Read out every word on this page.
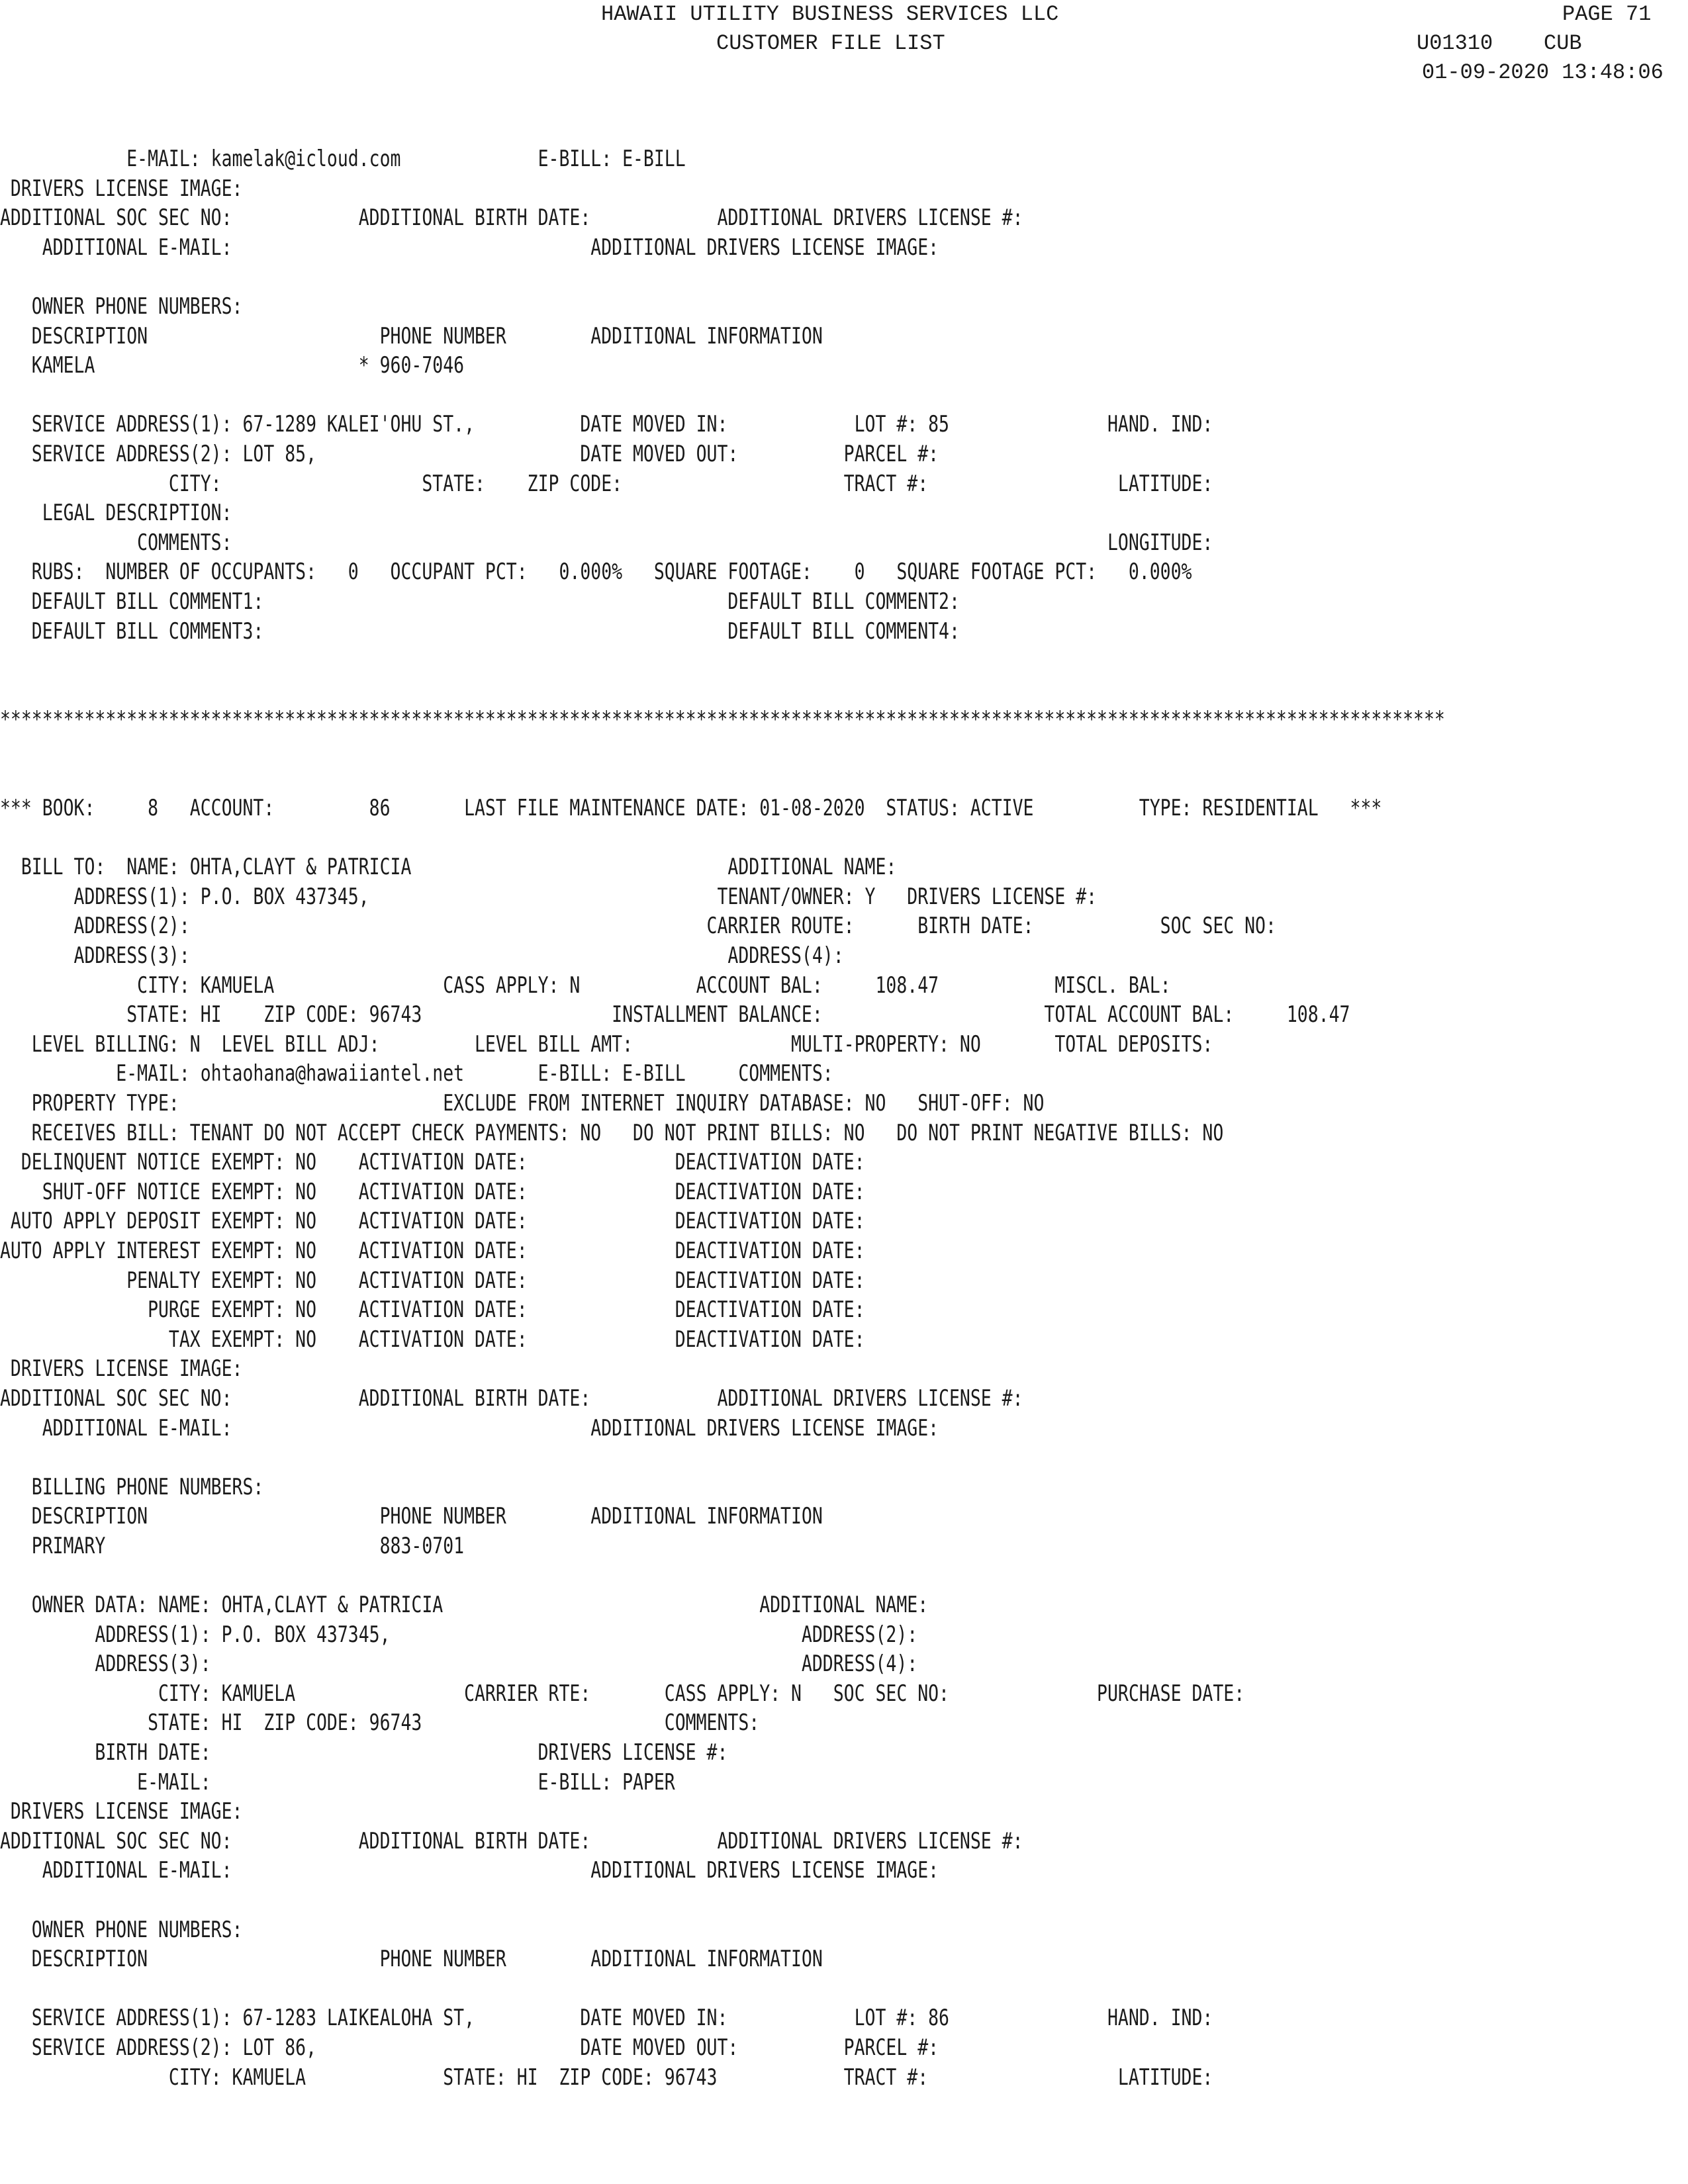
HAWAII UTILITY BUSINESS SERVICES LLC
CUSTOMER FILE LIST
PAGE 71
U01310 CUB
01-09-2020 13:48:06
E-MAIL: kamelak@icloud.com             E-BILL: E-BILL
DRIVERS LICENSE IMAGE:
ADDITIONAL SOC SEC NO:            ADDITIONAL BIRTH DATE:            ADDITIONAL DRIVERS LICENSE #:
ADDITIONAL E-MAIL:                                  ADDITIONAL DRIVERS LICENSE IMAGE:
OWNER PHONE NUMBERS:
DESCRIPTION                      PHONE NUMBER        ADDITIONAL INFORMATION
KAMELA                         * 960-7046
SERVICE ADDRESS(1): 67-1289 KALEI'OHU ST.,          DATE MOVED IN:            LOT #: 85               HAND. IND:
SERVICE ADDRESS(2): LOT 85,                         DATE MOVED OUT:          PARCEL #:
CITY:                   STATE:    ZIP CODE:                     TRACT #:                  LATITUDE:
LEGAL DESCRIPTION:
COMMENTS:                                                                                   LONGITUDE:
RUBS:  NUMBER OF OCCUPANTS:   0   OCCUPANT PCT:   0.000%   SQUARE FOOTAGE:    0   SQUARE FOOTAGE PCT:   0.000%
DEFAULT BILL COMMENT1:                                            DEFAULT BILL COMMENT2:
DEFAULT BILL COMMENT3:                                            DEFAULT BILL COMMENT4:
*****************************************************************************************************************************************
*** BOOK:     8   ACCOUNT:         86       LAST FILE MAINTENANCE DATE: 01-08-2020  STATUS: ACTIVE          TYPE: RESIDENTIAL   ***
BILL TO:  NAME: OHTA,CLAYT & PATRICIA                              ADDITIONAL NAME:
ADDRESS(1): P.O. BOX 437345,                                 TENANT/OWNER: Y   DRIVERS LICENSE #:
ADDRESS(2):                                                 CARRIER ROUTE:      BIRTH DATE:            SOC SEC NO:
ADDRESS(3):                                                   ADDRESS(4):
CITY: KAMUELA                CASS APPLY: N           ACCOUNT BAL:     108.47           MISCL. BAL:
STATE: HI    ZIP CODE: 96743                  INSTALLMENT BALANCE:                     TOTAL ACCOUNT BAL:     108.47
LEVEL BILLING: N  LEVEL BILL ADJ:         LEVEL BILL AMT:               MULTI-PROPERTY: NO       TOTAL DEPOSITS:
E-MAIL: ohtaohana@hawaiiantel.net       E-BILL: E-BILL     COMMENTS:
PROPERTY TYPE:                         EXCLUDE FROM INTERNET INQUIRY DATABASE: NO   SHUT-OFF: NO
RECEIVES BILL: TENANT DO NOT ACCEPT CHECK PAYMENTS: NO   DO NOT PRINT BILLS: NO   DO NOT PRINT NEGATIVE BILLS: NO
DELINQUENT NOTICE EXEMPT: NO    ACTIVATION DATE:              DEACTIVATION DATE:
SHUT-OFF NOTICE EXEMPT: NO    ACTIVATION DATE:              DEACTIVATION DATE:
AUTO APPLY DEPOSIT EXEMPT: NO    ACTIVATION DATE:              DEACTIVATION DATE:
AUTO APPLY INTEREST EXEMPT: NO    ACTIVATION DATE:              DEACTIVATION DATE:
PENALTY EXEMPT: NO    ACTIVATION DATE:              DEACTIVATION DATE:
PURGE EXEMPT: NO    ACTIVATION DATE:              DEACTIVATION DATE:
TAX EXEMPT: NO    ACTIVATION DATE:              DEACTIVATION DATE:
DRIVERS LICENSE IMAGE:
ADDITIONAL SOC SEC NO:            ADDITIONAL BIRTH DATE:            ADDITIONAL DRIVERS LICENSE #:
ADDITIONAL E-MAIL:                                  ADDITIONAL DRIVERS LICENSE IMAGE:
BILLING PHONE NUMBERS:
DESCRIPTION                      PHONE NUMBER        ADDITIONAL INFORMATION
PRIMARY                          883-0701
OWNER DATA: NAME: OHTA,CLAYT & PATRICIA                              ADDITIONAL NAME:
ADDRESS(1): P.O. BOX 437345,                                       ADDRESS(2):
ADDRESS(3):                                                        ADDRESS(4):
CITY: KAMUELA                CARRIER RTE:       CASS APPLY: N   SOC SEC NO:              PURCHASE DATE:
STATE: HI  ZIP CODE: 96743                       COMMENTS:
BIRTH DATE:                               DRIVERS LICENSE #:
E-MAIL:                               E-BILL: PAPER
DRIVERS LICENSE IMAGE:
ADDITIONAL SOC SEC NO:            ADDITIONAL BIRTH DATE:            ADDITIONAL DRIVERS LICENSE #:
ADDITIONAL E-MAIL:                                  ADDITIONAL DRIVERS LICENSE IMAGE:
OWNER PHONE NUMBERS:
DESCRIPTION                      PHONE NUMBER        ADDITIONAL INFORMATION
SERVICE ADDRESS(1): 67-1283 LAIKEALOHA ST,          DATE MOVED IN:            LOT #: 86               HAND. IND:
SERVICE ADDRESS(2): LOT 86,                         DATE MOVED OUT:          PARCEL #:
CITY: KAMUELA             STATE: HI  ZIP CODE: 96743            TRACT #:                  LATITUDE:
